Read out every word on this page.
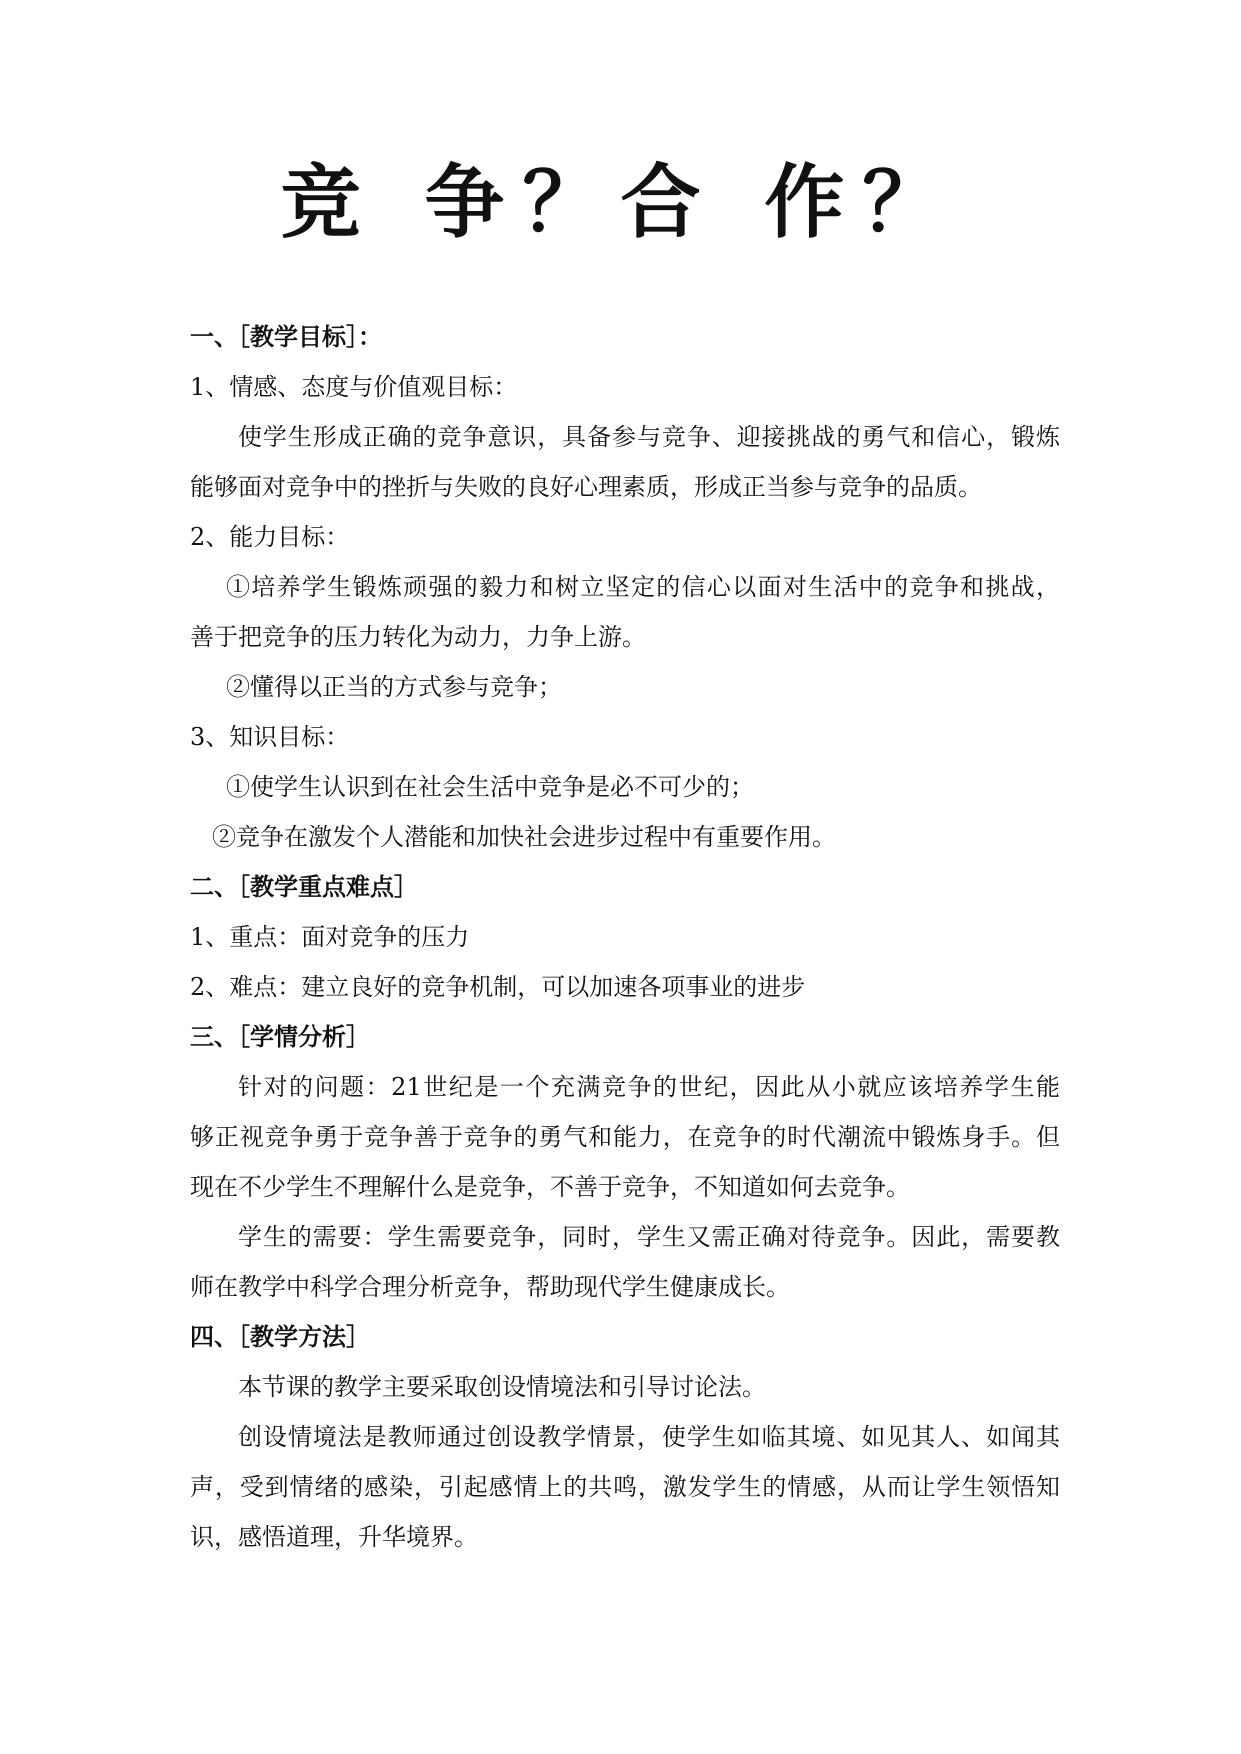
竞 争？合 作？
一、［教学目标］：
1、情感、态度与价值观目标：
使学生形成正确的竞争意识，具备参与竞争、迎接挑战的勇气和信心，锻炼
能够面对竞争中的挫折与失败的良好心理素质，形成正当参与竞争的品质。
2、能力目标：
①培养学生锻炼顽强的毅力和树立坚定的信心以面对生活中的竞争和挑战，
善于把竞争的压力转化为动力，力争上游。
②懂得以正当的方式参与竞争；
3、知识目标：
①使学生认识到在社会生活中竞争是必不可少的；
②竞争在激发个人潜能和加快社会进步过程中有重要作用。
二、［教学重点难点］
1、重点：面对竞争的压力
2、难点：建立良好的竞争机制，可以加速各项事业的进步
三、［学情分析］
针对的问题：21世纪是一个充满竞争的世纪，因此从小就应该培养学生能
够正视竞争勇于竞争善于竞争的勇气和能力，在竞争的时代潮流中锻炼身手。但
现在不少学生不理解什么是竞争，不善于竞争，不知道如何去竞争。
学生的需要：学生需要竞争，同时，学生又需正确对待竞争。因此，需要教
师在教学中科学合理分析竞争，帮助现代学生健康成长。
四、［教学方法］
本节课的教学主要采取创设情境法和引导讨论法。
创设情境法是教师通过创设教学情景，使学生如临其境、如见其人、如闻其
声，受到情绪的感染，引起感情上的共鸣，激发学生的情感，从而让学生领悟知
识，感悟道理，升华境界。
